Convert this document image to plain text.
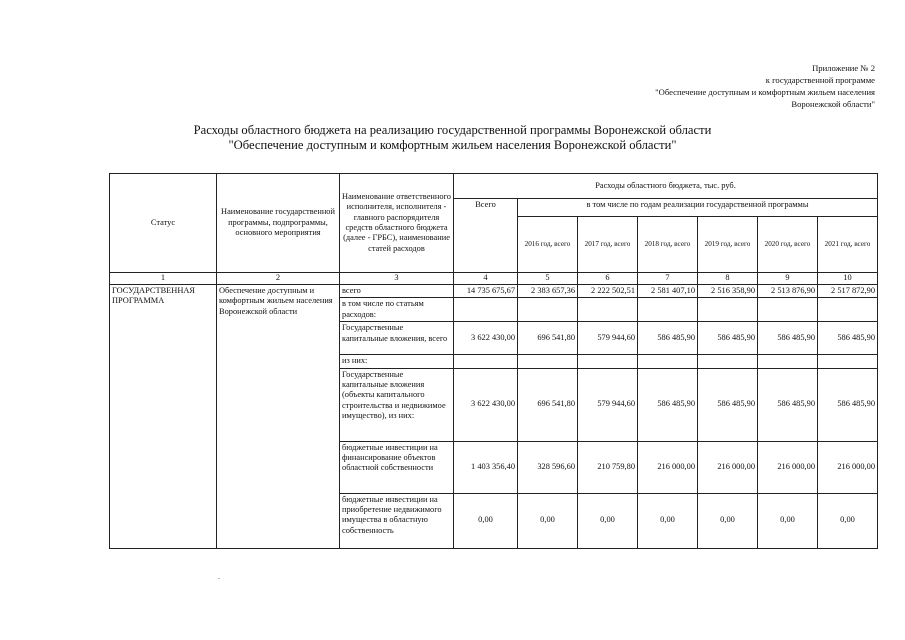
Приложение № 2
к государственной программе
"Обеспечение доступным и комфортным жильем населения
Воронежской области"
Расходы областного бюджета на реализацию государственной программы Воронежской области
"Обеспечение доступным и комфортным жильем населения Воронежской области"
Статус	Наименование государственной программы, подпрограммы, основного мероприятия	Наименование ответственного исполнителя, исполнителя - главного распорядителя средств областного бюджета (далее - ГРБС), наименование статей расходов	Расходы областного бюджета, тыс. руб.						
			Всего	в том числе по годам реализации государственной программы					
				2016 год, всего	2017 год, всего	2018 год, всего	2019 год, всего	2020 год, всего	2021 год, всего
1	2	3	4	5	6	7	8	9	10
ГОСУДАРСТВЕННАЯ ПРОГРАММА	Обеспечение доступным и комфортным жильем населения Воронежской области	всего	14 735 675,67	2 383 657,36	2 222 502,51	2 581 407,10	2 516 358,90	2 513 876,90	2 517 872,90
		в том числе по статьям расходов:							
		Государственные капитальные вложения, всего	3 622 430,00	696 541,80	579 944,60	586 485,90	586 485,90	586 485,90	586 485,90
		из них:							
		Государственные капитальные вложения (объекты капитального строительства и недвижимое имущество), из них:	3 622 430,00	696 541,80	579 944,60	586 485,90	586 485,90	586 485,90	586 485,90
		бюджетные инвестиции на финансирование объектов областной собственности	1 403 356,40	328 596,60	210 759,80	216 000,00	216 000,00	216 000,00	216 000,00
		бюджетные инвестиции на приобретение недвижимого имущества в областную собственность	0,00	0,00	0,00	0,00	0,00	0,00	0,00
